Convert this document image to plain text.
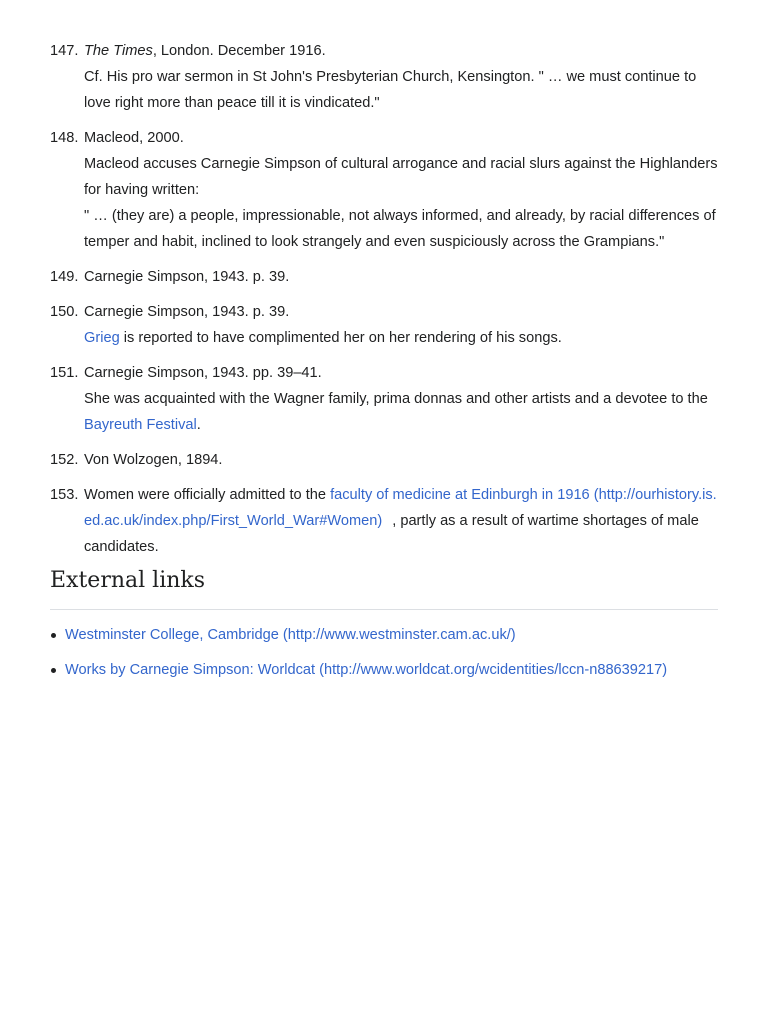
147. The Times, London. December 1916.
Cf. His pro war sermon in St John's Presbyterian Church, Kensington. " … we must continue to love right more than peace till it is vindicated."
148. Macleod, 2000.
Macleod accuses Carnegie Simpson of cultural arrogance and racial slurs against the Highlanders for having written:
" … (they are) a people, impressionable, not always informed, and already, by racial differences of temper and habit, inclined to look strangely and even suspiciously across the Grampians."
149. Carnegie Simpson, 1943. p. 39.
150. Carnegie Simpson, 1943. p. 39.
Grieg is reported to have complimented her on her rendering of his songs.
151. Carnegie Simpson, 1943. pp. 39–41.
She was acquainted with the Wagner family, prima donnas and other artists and a devotee to the Bayreuth Festival.
152. Von Wolzogen, 1894.
153. Women were officially admitted to the faculty of medicine at Edinburgh in 1916 (http://ourhistory.is.ed.ac.uk/index.php/First_World_War#Women) , partly as a result of wartime shortages of male candidates.
External links
Westminster College, Cambridge (http://www.westminster.cam.ac.uk/)
Works by Carnegie Simpson: Worldcat (http://www.worldcat.org/wcidentities/lccn-n88639217)
